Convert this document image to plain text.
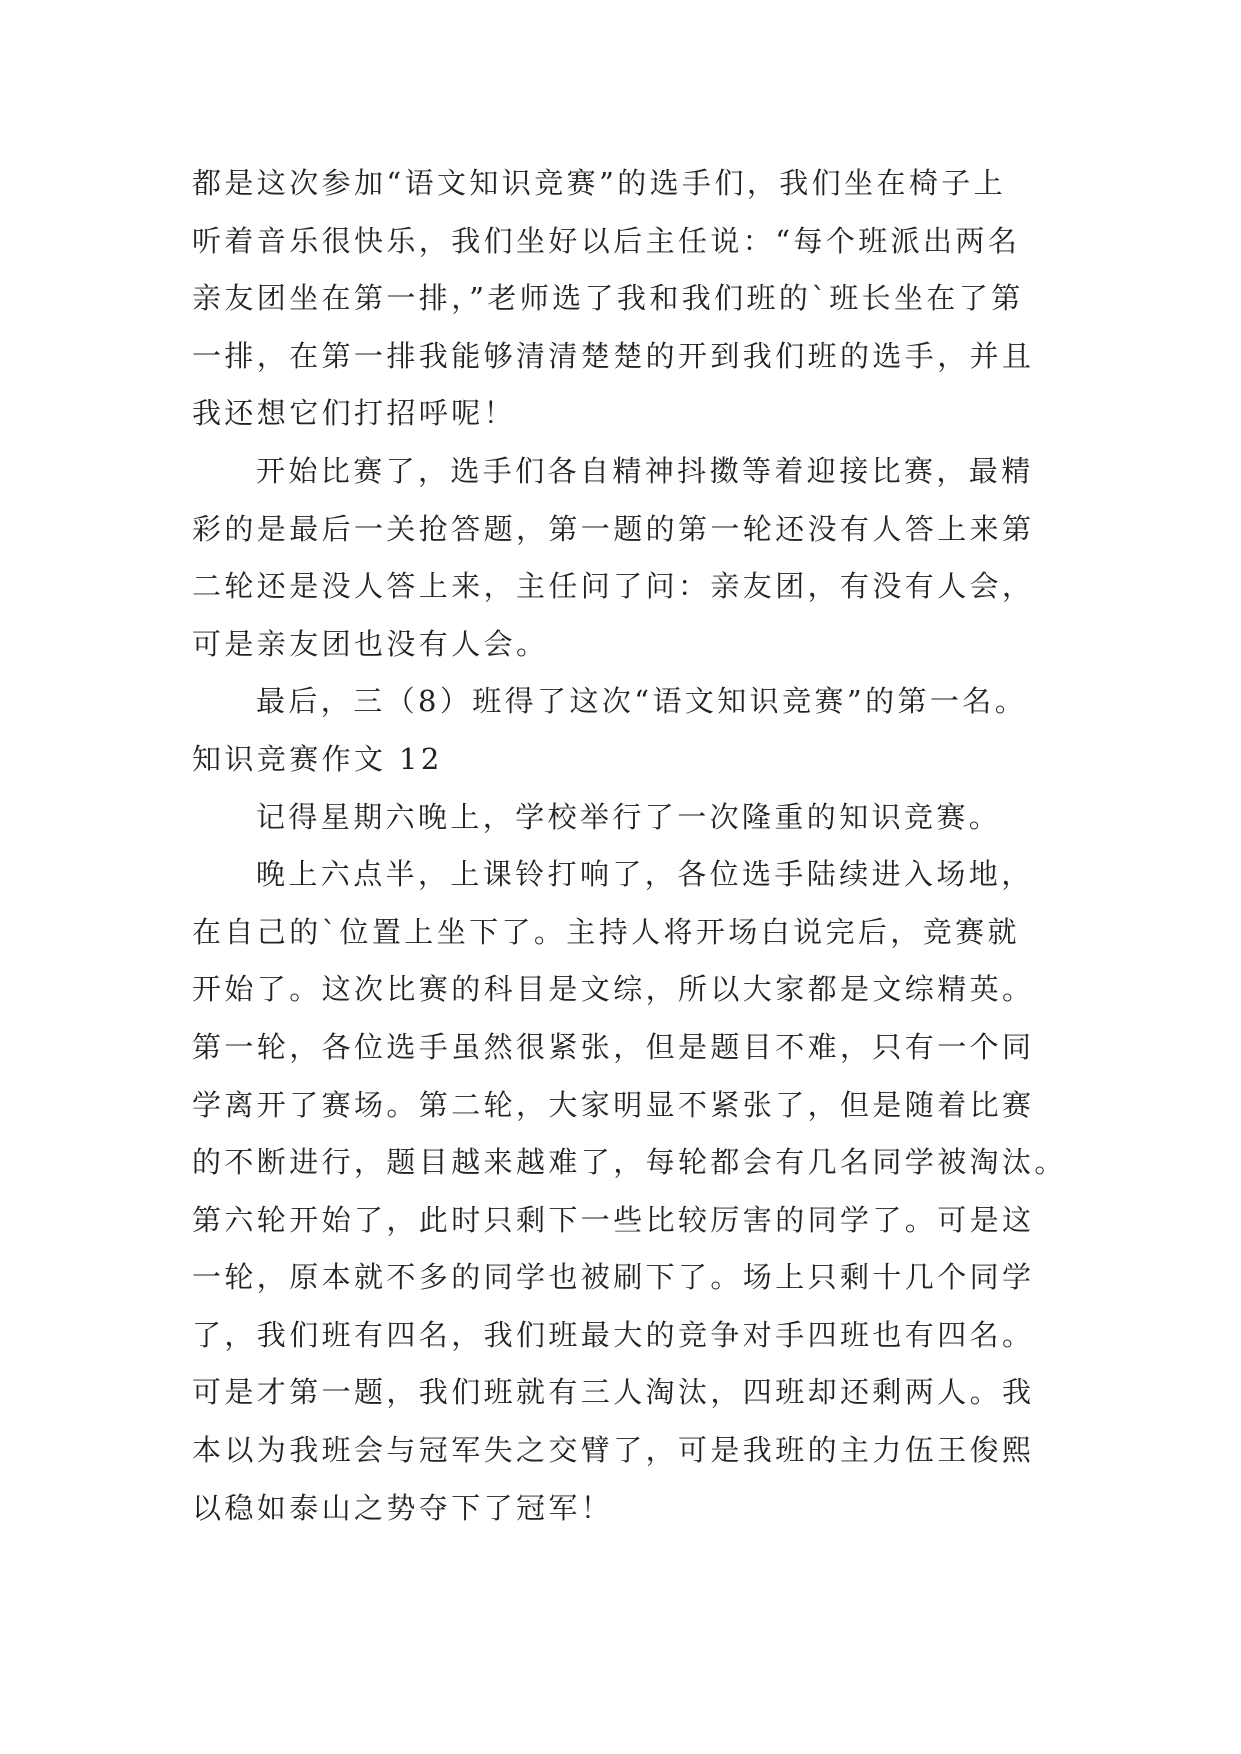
都是这次参加“语文知识竞赛”的选手们，我们坐在椅子上
听着音乐很快乐，我们坐好以后主任说：“每个班派出两名
亲友团坐在第一排，”老师选了我和我们班的`班长坐在了第
一排，在第一排我能够清清楚楚的开到我们班的选手，并且
我还想它们打招呼呢！
开始比赛了，选手们各自精神抖擞等着迎接比赛，最精
彩的是最后一关抢答题，第一题的第一轮还没有人答上来第
二轮还是没人答上来，主任问了问：亲友团，有没有人会，
可是亲友团也没有人会。
最后，三（8）班得了这次“语文知识竞赛”的第一名。
知识竞赛作文 12
记得星期六晚上，学校举行了一次隆重的知识竞赛。
晚上六点半，上课铃打响了，各位选手陆续进入场地，
在自己的`位置上坐下了。主持人将开场白说完后，竞赛就
开始了。这次比赛的科目是文综，所以大家都是文综精英。
第一轮，各位选手虽然很紧张，但是题目不难，只有一个同
学离开了赛场。第二轮，大家明显不紧张了，但是随着比赛
的不断进行，题目越来越难了，每轮都会有几名同学被淘汰。
第六轮开始了，此时只剩下一些比较厉害的同学了。可是这
一轮，原本就不多的同学也被刷下了。场上只剩十几个同学
了，我们班有四名，我们班最大的竞争对手四班也有四名。
可是才第一题，我们班就有三人淘汰，四班却还剩两人。我
本以为我班会与冠军失之交臂了，可是我班的主力伍王俊熙
以稳如泰山之势夺下了冠军！
